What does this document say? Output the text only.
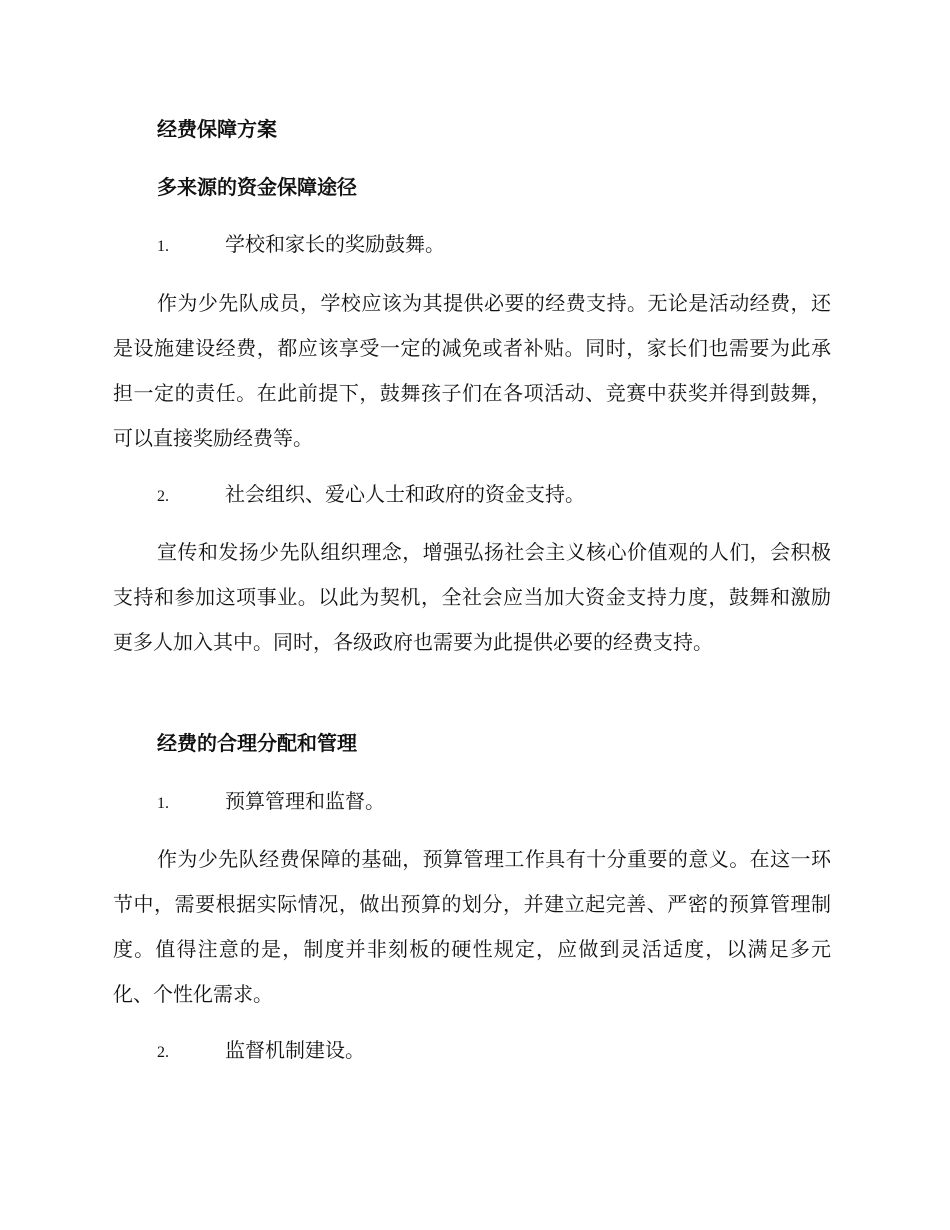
经费保障方案
多来源的资金保障途径
1.	学校和家长的奖励鼓舞。

作为少先队成员，学校应该为其提供必要的经费支持。无论是活动经费，还是设施建设经费，都应该享受一定的减免或者补贴。同时，家长们也需要为此承担一定的责任。在此前提下，鼓舞孩子们在各项活动、竞赛中获奖并得到鼓舞，可以直接奖励经费等。

2.	社会组织、爱心人士和政府的资金支持。

宣传和发扬少先队组织理念，增强弘扬社会主义核心价值观的人们，会积极支持和参加这项事业。以此为契机，全社会应当加大资金支持力度，鼓舞和激励更多人加入其中。同时，各级政府也需要为此提供必要的经费支持。

经费的合理分配和管理
1.	预算管理和监督。

作为少先队经费保障的基础，预算管理工作具有十分重要的意义。在这一环节中，需要根据实际情况，做出预算的划分，并建立起完善、严密的预算管理制度。值得注意的是，制度并非刻板的硬性规定，应做到灵活适度，以满足多元化、个性化需求。

2.	监督机制建设。
